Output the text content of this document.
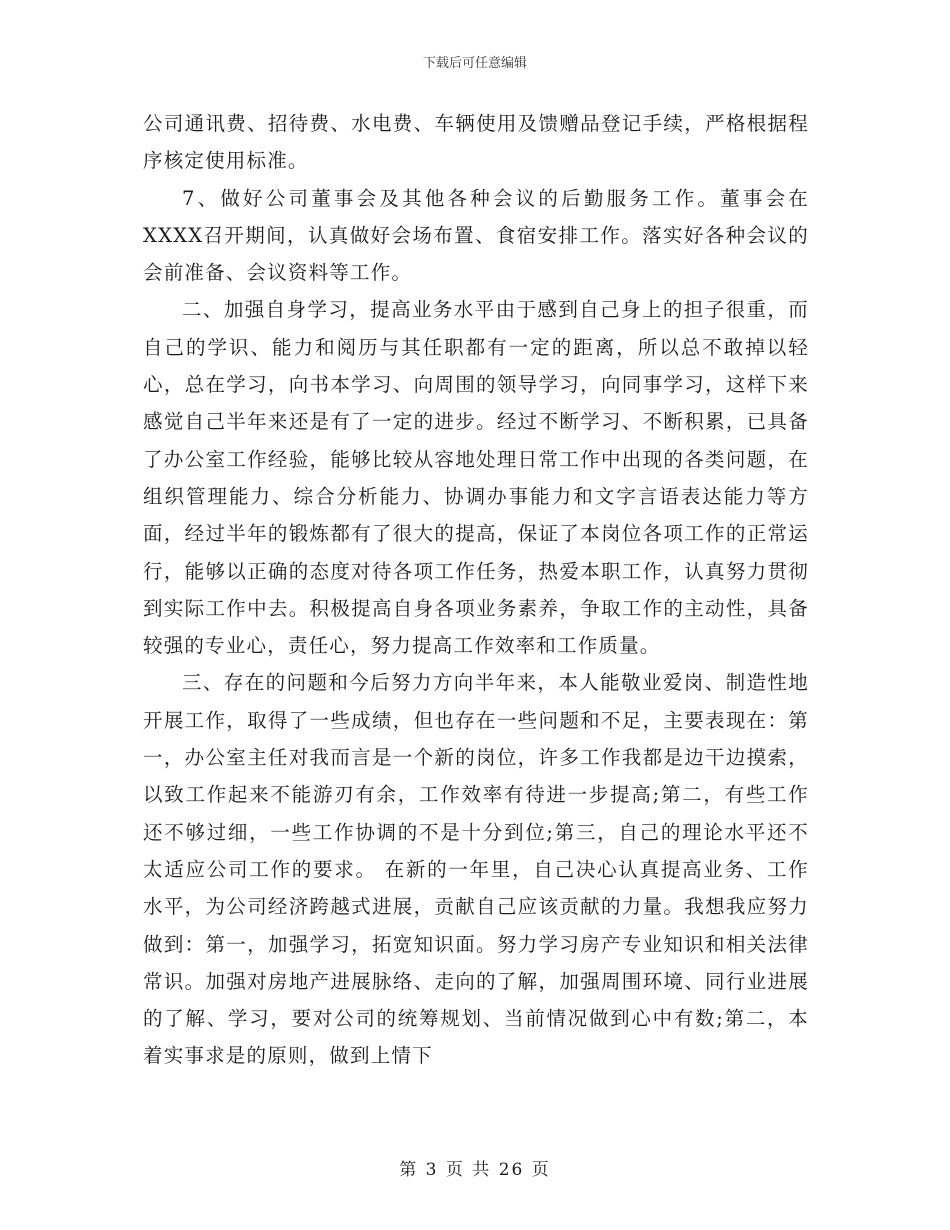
下载后可任意编辑

公司通讯费、招待费、水电费、车辆使用及馈赠品登记手续，严格根据程序核定使用标准。

7、做好公司董事会及其他各种会议的后勤服务工作。董事会在XXXX召开期间，认真做好会场布置、食宿安排工作。落实好各种会议的会前准备、会议资料等工作。

二、加强自身学习，提高业务水平由于感到自己身上的担子很重，而自己的学识、能力和阅历与其任职都有一定的距离，所以总不敢掉以轻心，总在学习，向书本学习、向周围的领导学习，向同事学习，这样下来感觉自己半年来还是有了一定的进步。经过不断学习、不断积累，已具备了办公室工作经验，能够比较从容地处理日常工作中出现的各类问题，在组织管理能力、综合分析能力、协调办事能力和文字言语表达能力等方面，经过半年的锻炼都有了很大的提高，保证了本岗位各项工作的正常运行，能够以正确的态度对待各项工作任务，热爱本职工作，认真努力贯彻到实际工作中去。积极提高自身各项业务素养，争取工作的主动性，具备较强的专业心，责任心，努力提高工作效率和工作质量。

三、存在的问题和今后努力方向半年来，本人能敬业爱岗、制造性地开展工作，取得了一些成绩，但也存在一些问题和不足，主要表现在：第一，办公室主任对我而言是一个新的岗位，许多工作我都是边干边摸索，以致工作起来不能游刃有余，工作效率有待进一步提高;第二，有些工作还不够过细，一些工作协调的不是十分到位;第三，自己的理论水平还不太适应公司工作的要求。 在新的一年里，自己决心认真提高业务、工作水平，为公司经济跨越式进展，贡献自己应该贡献的力量。我想我应努力做到：第一，加强学习，拓宽知识面。努力学习房产专业知识和相关法律常识。加强对房地产进展脉络、走向的了解，加强周围环境、同行业进展的了解、学习，要对公司的统筹规划、当前情况做到心中有数;第二，本着实事求是的原则，做到上情下

第 3 页 共 26 页
